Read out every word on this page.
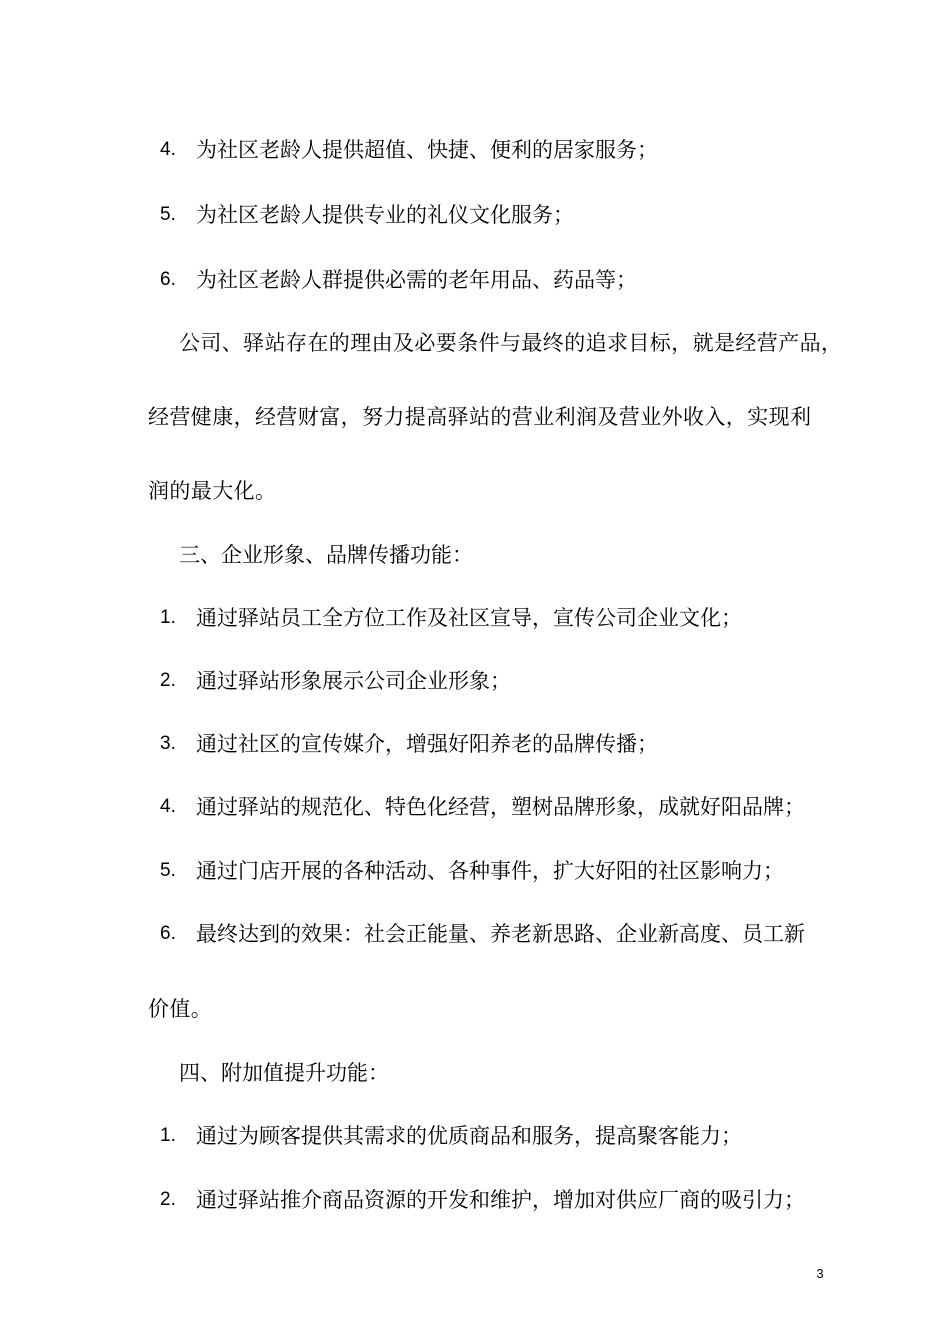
4. 为社区老龄人提供超值、快捷、便利的居家服务；
5. 为社区老龄人提供专业的礼仪文化服务；
6. 为社区老龄人群提供必需的老年用品、药品等；
公司、驿站存在的理由及必要条件与最终的追求目标，就是经营产品，
经营健康，经营财富，努力提高驿站的营业利润及营业外收入，实现利
润的最大化。
三、企业形象、品牌传播功能：
1. 通过驿站员工全方位工作及社区宣导，宣传公司企业文化；
2. 通过驿站形象展示公司企业形象；
3. 通过社区的宣传媒介，增强好阳养老的品牌传播；
4. 通过驿站的规范化、特色化经营，塑树品牌形象，成就好阳品牌；
5. 通过门店开展的各种活动、各种事件，扩大好阳的社区影响力；
6. 最终达到的效果：社会正能量、养老新思路、企业新高度、员工新
价值。
四、附加值提升功能：
1. 通过为顾客提供其需求的优质商品和服务，提高聚客能力；
2. 通过驿站推介商品资源的开发和维护，增加对供应厂商的吸引力；
3
